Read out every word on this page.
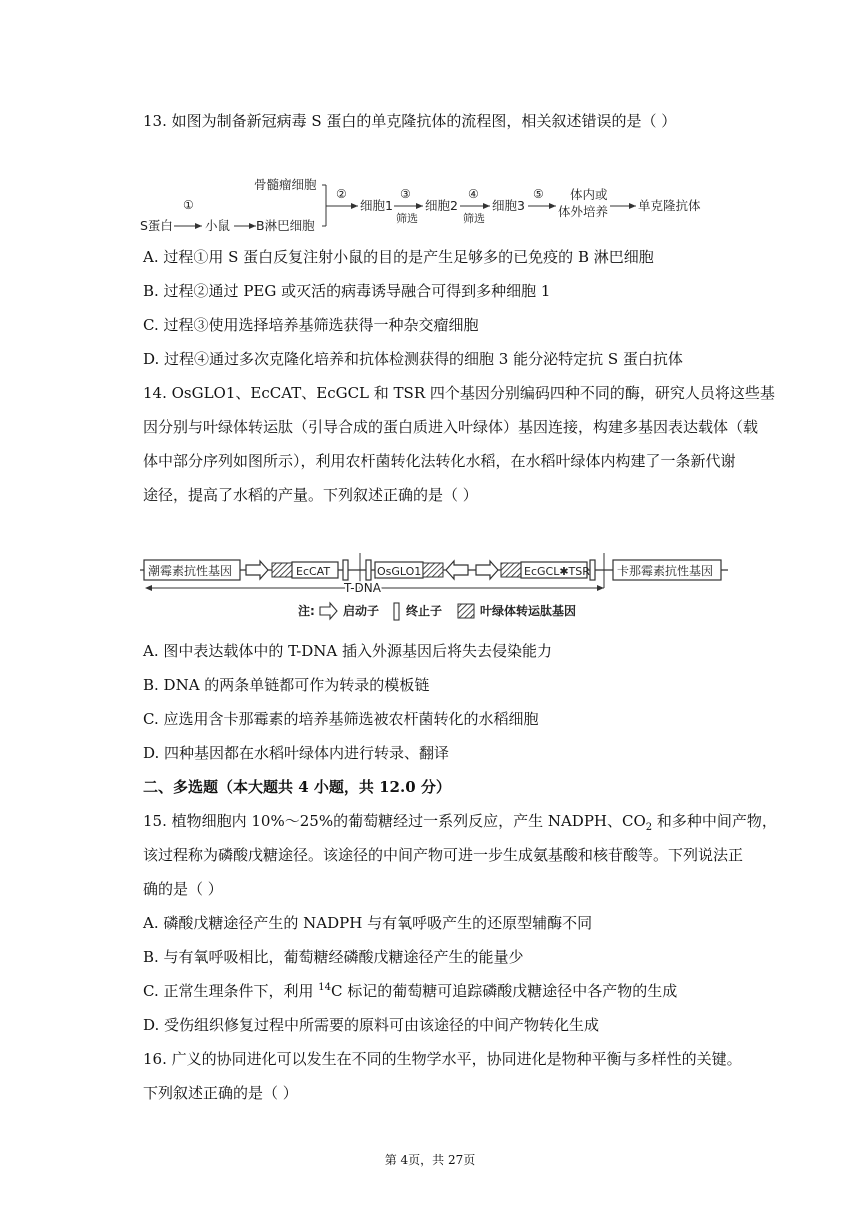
13. 如图为制备新冠病毒 S 蛋白的单克隆抗体的流程图，相关叙述错误的是（ ）
S蛋白
①
小鼠 B淋巴细胞
骨髓瘤细胞
②
细胞1
③
筛选
细胞2
④
筛选
细胞3
⑤ 体内或
体外培养 单克隆抗体
A. 过程①用 S 蛋白反复注射小鼠的目的是产生足够多的已免疫的 B 淋巴细胞
B. 过程②通过 PEG 或灭活的病毒诱导融合可得到多种细胞 1
C. 过程③使用选择培养基筛选获得一种杂交瘤细胞
D. 过程④通过多次克隆化培养和抗体检测获得的细胞 3 能分泌特定抗 S 蛋白抗体
14. OsGLO1、EcCAT、EcGCL 和 TSR 四个基因分别编码四种不同的酶，研究人员将这些基
因分别与叶绿体转运肽（引导合成的蛋白质进入叶绿体）基因连接，构建多基因表达载体（载
体中部分序列如图所示），利用农杆菌转化法转化水稻，在水稻叶绿体内构建了一条新代谢
途径，提高了水稻的产量。下列叙述正确的是（ ）
潮霉素抗性基因	EcCAT	OsGLO1	EcGCL✱TSR 卡那霉素抗性基因
T-DNA
注: 启动子 终止子	叶绿体转运肽基因
A. 图中表达载体中的 T-DNA 插入外源基因后将失去侵染能力
B. DNA 的两条单链都可作为转录的模板链
C. 应选用含卡那霉素的培养基筛选被农杆菌转化的水稻细胞
D. 四种基因都在水稻叶绿体内进行转录、翻译
二、多选题（本大题共 4 小题，共 12.0 分）
15. 植物细胞内 10%～25%的葡萄糖经过一系列反应，产生 NADPH、$CO_2$ 和多种中间产物，
该过程称为磷酸戊糖途径。该途径的中间产物可进一步生成氨基酸和核苷酸等。下列说法正
确的是（ ）
A. 磷酸戊糖途径产生的 NADPH 与有氧呼吸产生的还原型辅酶不同
B. 与有氧呼吸相比，葡萄糖经磷酸戊糖途径产生的能量少
C. 正常生理条件下，利用 $^{14}$C 标记的葡萄糖可追踪磷酸戊糖途径中各产物的生成
D. 受伤组织修复过程中所需要的原料可由该途径的中间产物转化生成
16. 广义的协同进化可以发生在不同的生物学水平，协同进化是物种平衡与多样性的关键。
下列叙述正确的是（ ）
第 4页，共 27页
